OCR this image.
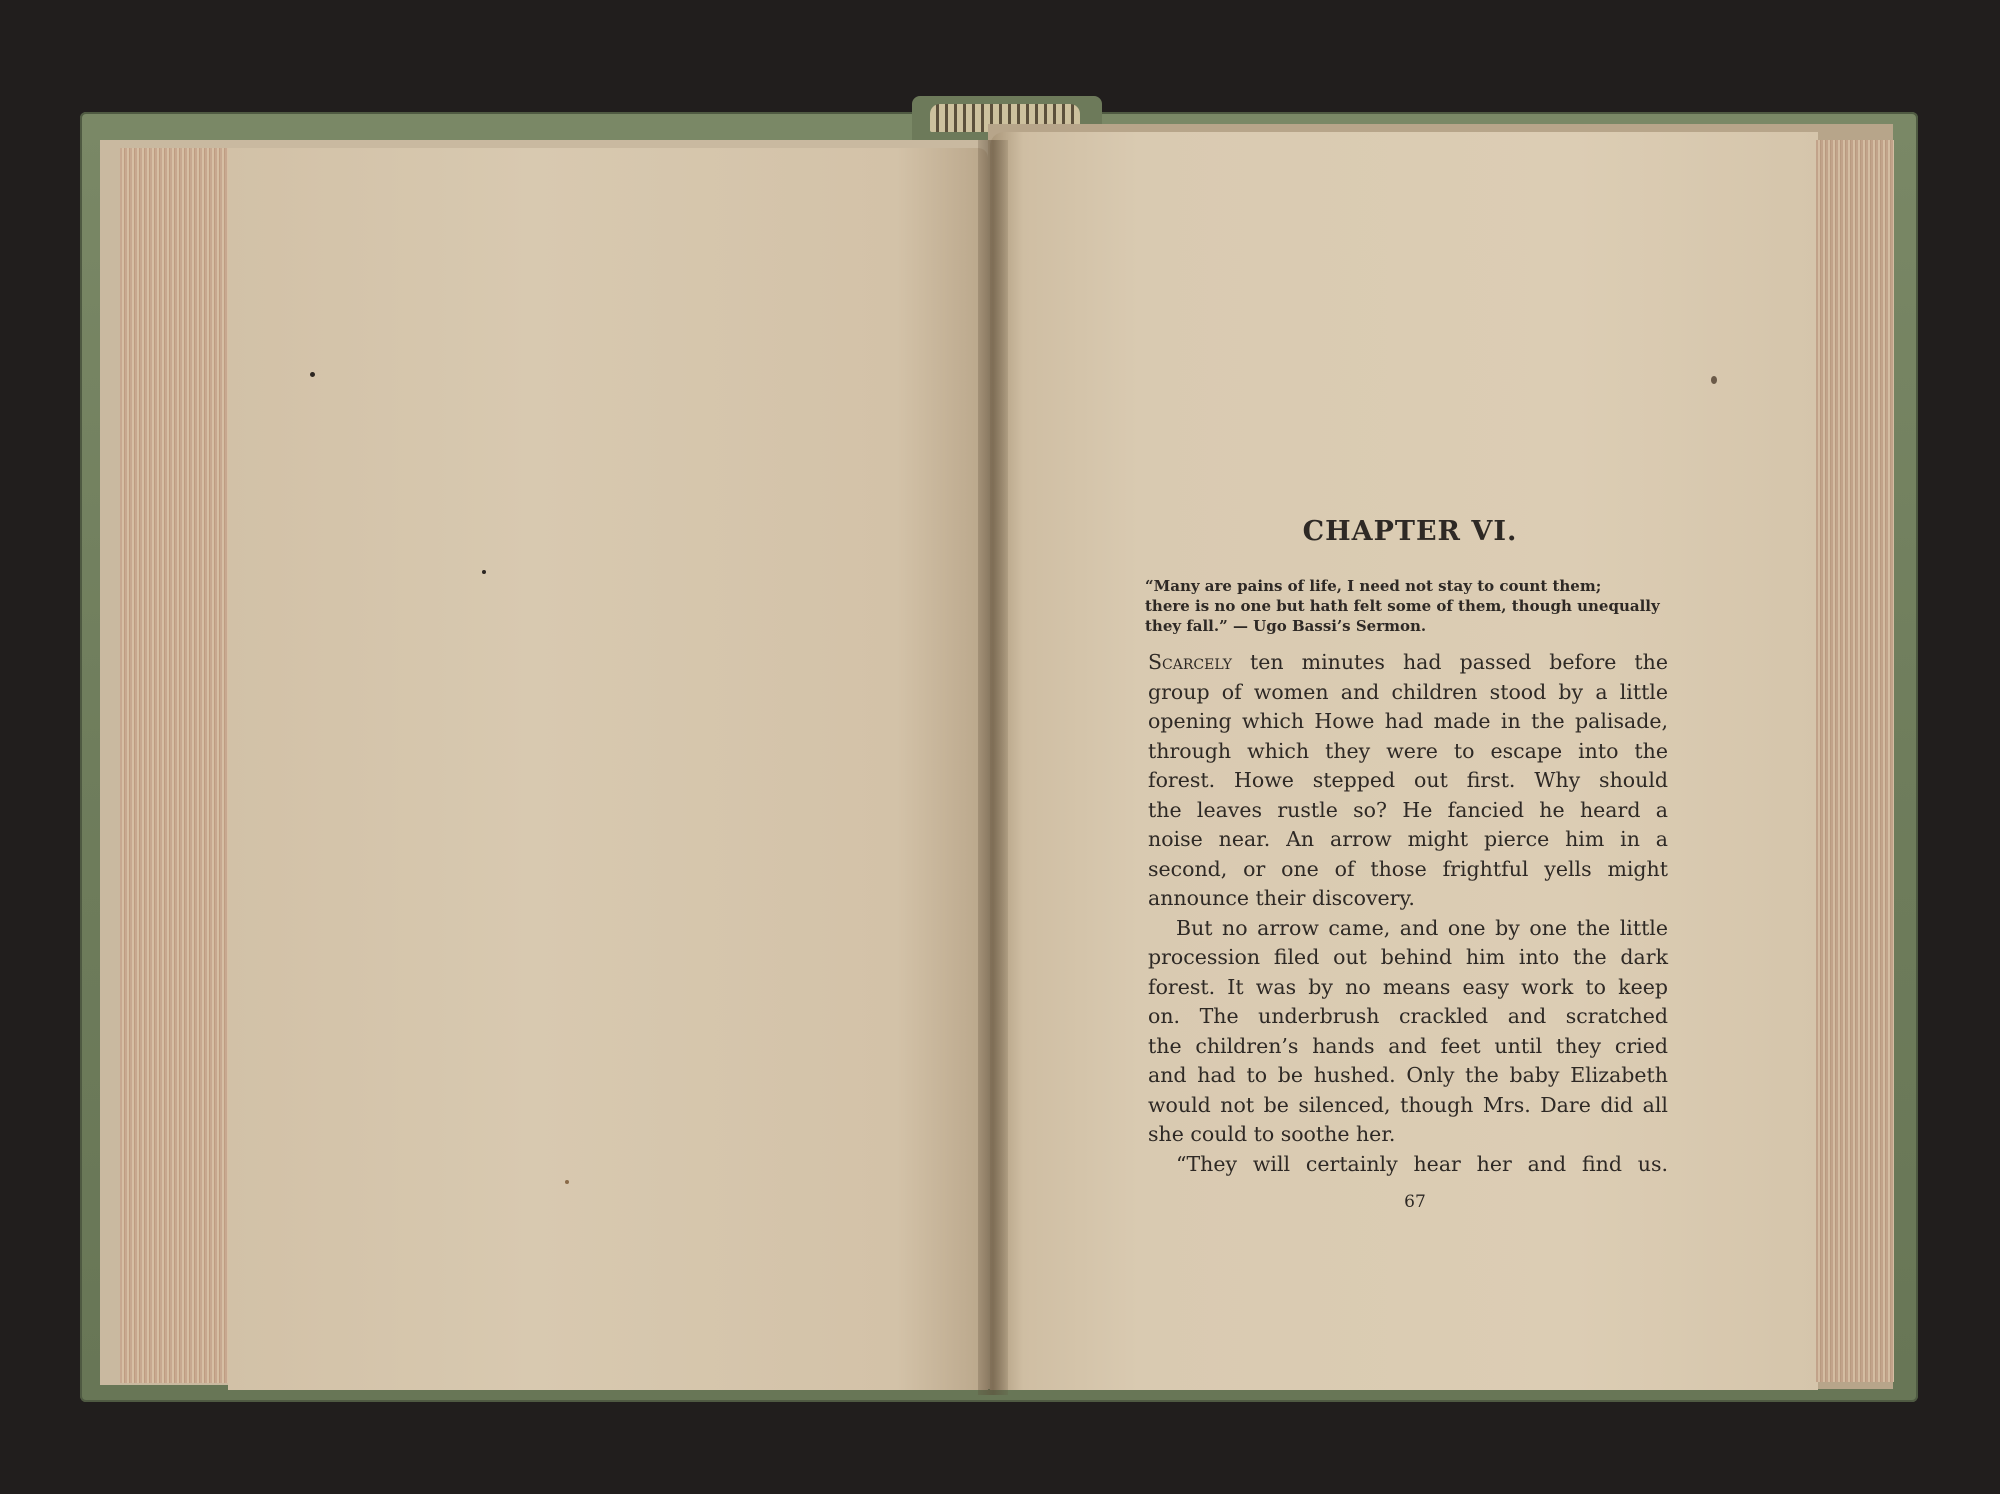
CHAPTER VI.

“Many are pains of life, I need not stay to count them;

there is no one but hath felt some of them, though unequally

they fall.” — Ugo Bassi’s Sermon.

Scarcely ten minutes had passed before the
group of women and children stood by a little
opening which Howe had made in the palisade,
through which they were to escape into the
forest. Howe stepped out first. Why should
the leaves rustle so? He fancied he heard a
noise near. An arrow might pierce him in a
second, or one of those frightful yells might
announce their discovery.
But no arrow came, and one by one the little
procession filed out behind him into the dark
forest. It was by no means easy work to keep
on. The underbrush crackled and scratched
the children’s hands and feet until they cried
and had to be hushed. Only the baby Elizabeth
would not be silenced, though Mrs. Dare did all
she could to soothe her.
“They will certainly hear her and find us.
67
